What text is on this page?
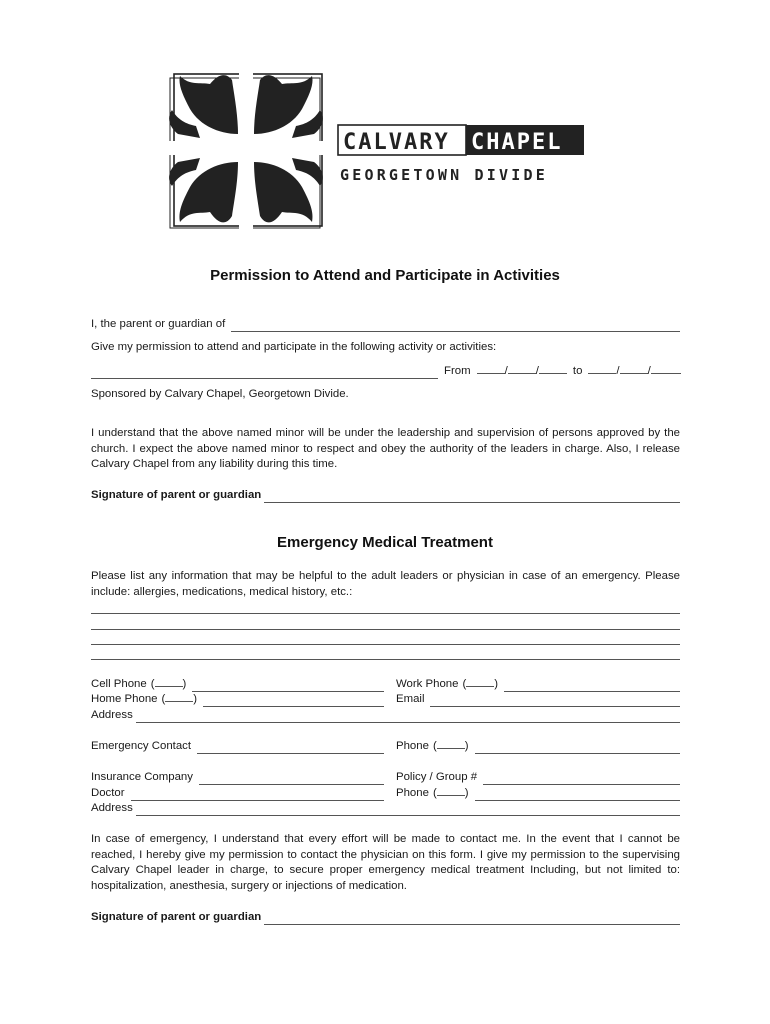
CALVARY CHAPEL
GEORGETOWN DIVIDE
Permission to Attend and Participate in Activities
I, the parent or guardian of
Give my permission to attend and participate in the following activity or activities:
From	/ /	to	/ /
Sponsored by Calvary Chapel, Georgetown Divide.
I understand that the above named minor will be under the leadership and supervision of persons approved by the church. I expect the above named minor to respect and obey the authority of the leaders in charge. Also, I release Calvary Chapel from any liability during this time.
Signature of parent or guardian
Emergency Medical Treatment
Please list any information that may be helpful to the adult leaders or physician in case of an emergency. Please include: allergies, medications, medical history, etc.:
Cell Phone ( )	Work Phone ( )
Home Phone ( )	Email
Address
Emergency Contact	Phone ( )
Insurance Company	Policy / Group #
Doctor	Phone ( )
Address
In case of emergency, I understand that every effort will be made to contact me. In the event that I cannot be reached, I hereby give my permission to contact the physician on this form. I give my permission to the supervising Calvary Chapel leader in charge, to secure proper emergency medical treatment Including, but not limited to: hospitalization, anesthesia, surgery or injections of medication.
Signature of parent or guardian
